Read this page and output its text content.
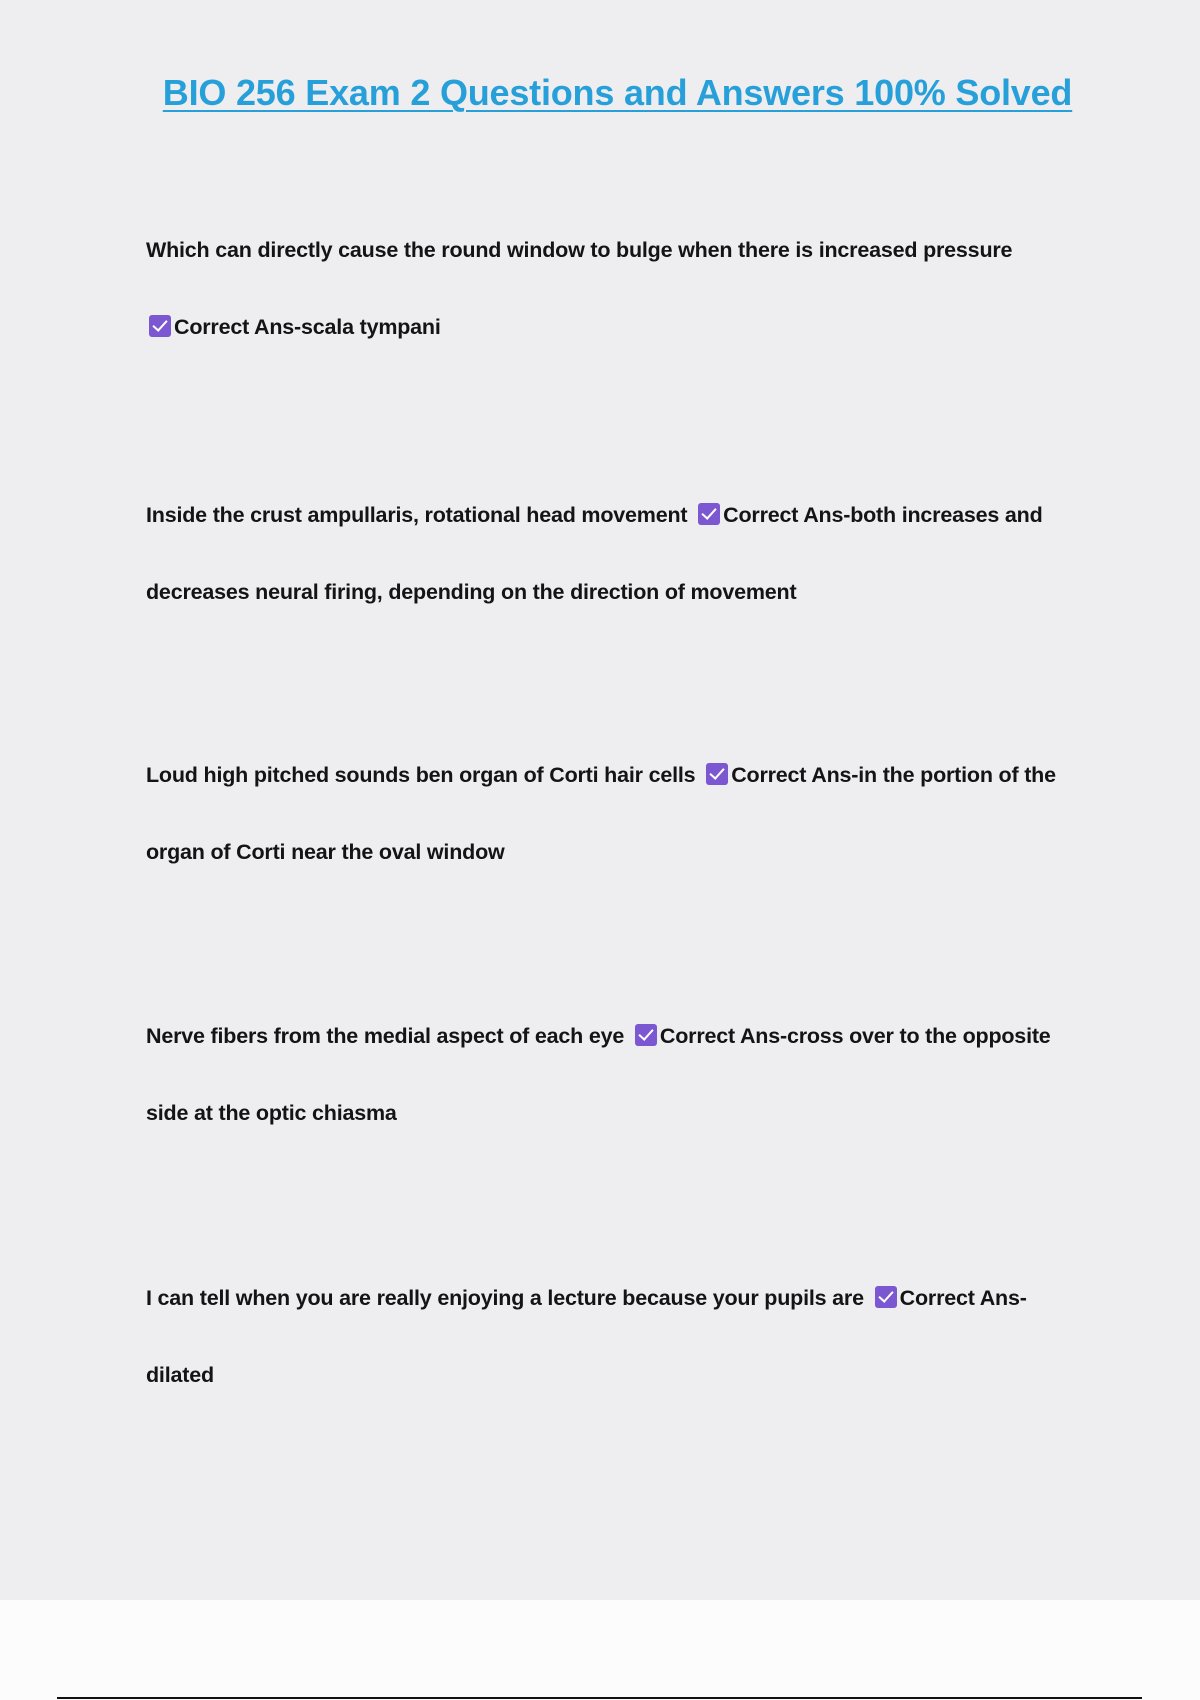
BIO 256 Exam 2 Questions and Answers 100% Solved
Which can directly cause the round window to bulge when there is increased pressure
Correct Ans-scala tympani
Inside the crust ampullaris, rotational head movement Correct Ans-both increases and decreases neural firing, depending on the direction of movement
Loud high pitched sounds ben organ of Corti hair cells Correct Ans-in the portion of the organ of Corti near the oval window
Nerve fibers from the medial aspect of each eye Correct Ans-cross over to the opposite side at the optic chiasma
I can tell when you are really enjoying a lecture because your pupils are Correct Ans-
dilated
